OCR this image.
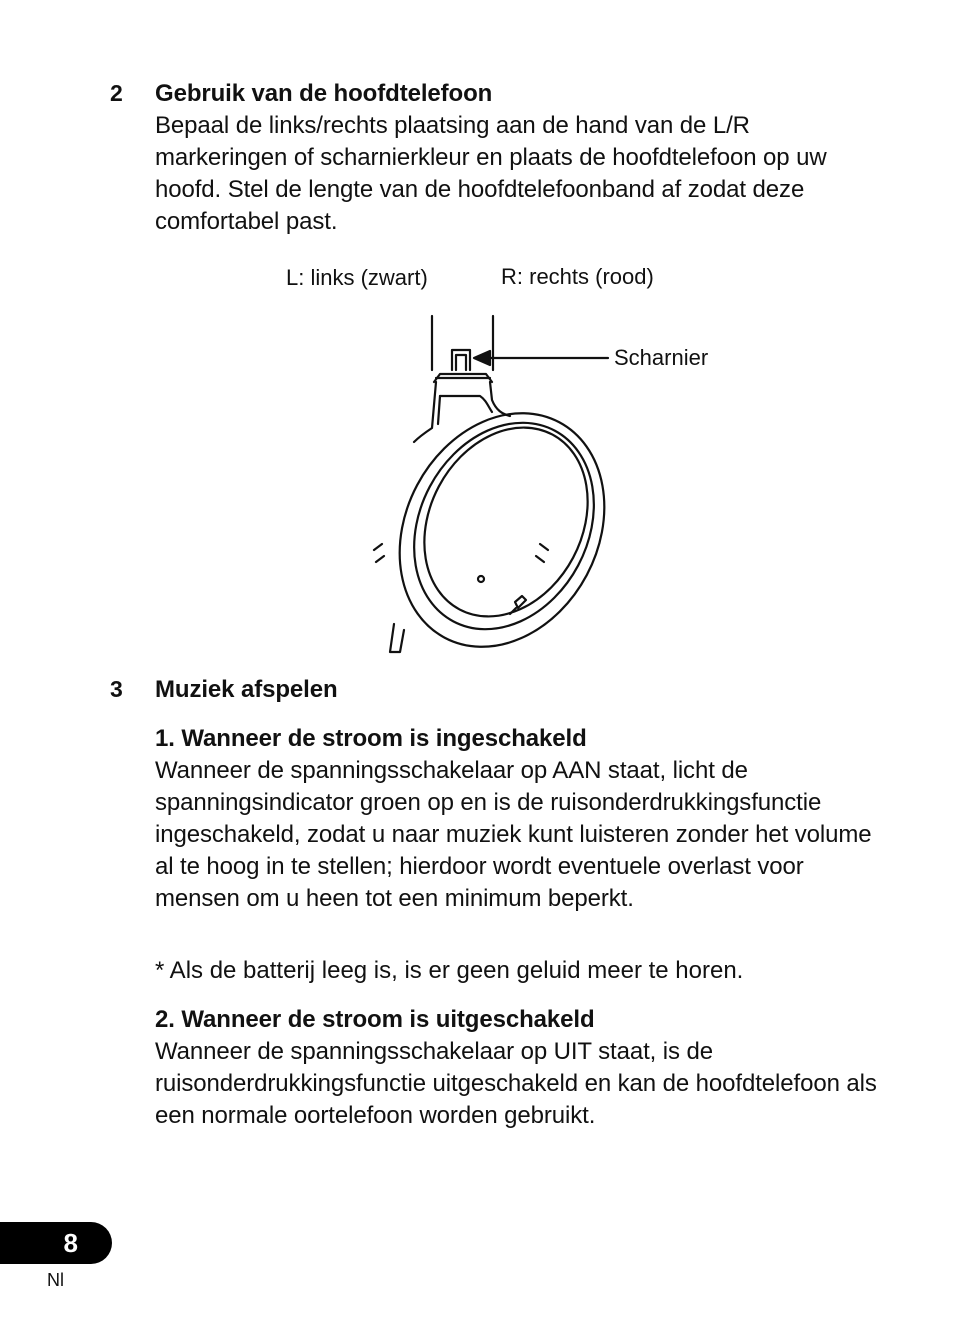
2 Gebruik van de hoofdtelefoon

Bepaal de links/rechts plaatsing aan de hand van de L/R markeringen of scharnierkleur en plaats de hoofdtelefoon op uw hoofd. Stel de lengte van de hoofdtelefoonband af zodat deze comfortabel past.

L: links (zwart)	R: rechts (rood)
Scharnier
3 Muziek afspelen
1. Wanneer de stroom is ingeschakeld

Wanneer de spanningsschakelaar op AAN staat, licht de spanningsindicator groen op en is de ruisonderdrukkingsfunctie ingeschakeld, zodat u naar muziek kunt luisteren zonder het volume al te hoog in te stellen; hierdoor wordt eventuele overlast voor mensen om u heen tot een minimum beperkt.

* Als de batterij leeg is, is er geen geluid meer te horen.
2. Wanneer de stroom is uitgeschakeld

Wanneer de spanningsschakelaar op UIT staat, is de ruisonderdrukkingsfunctie uitgeschakeld en kan de hoofdtelefoon als een normale oortelefoon worden gebruikt.

8
Nl
